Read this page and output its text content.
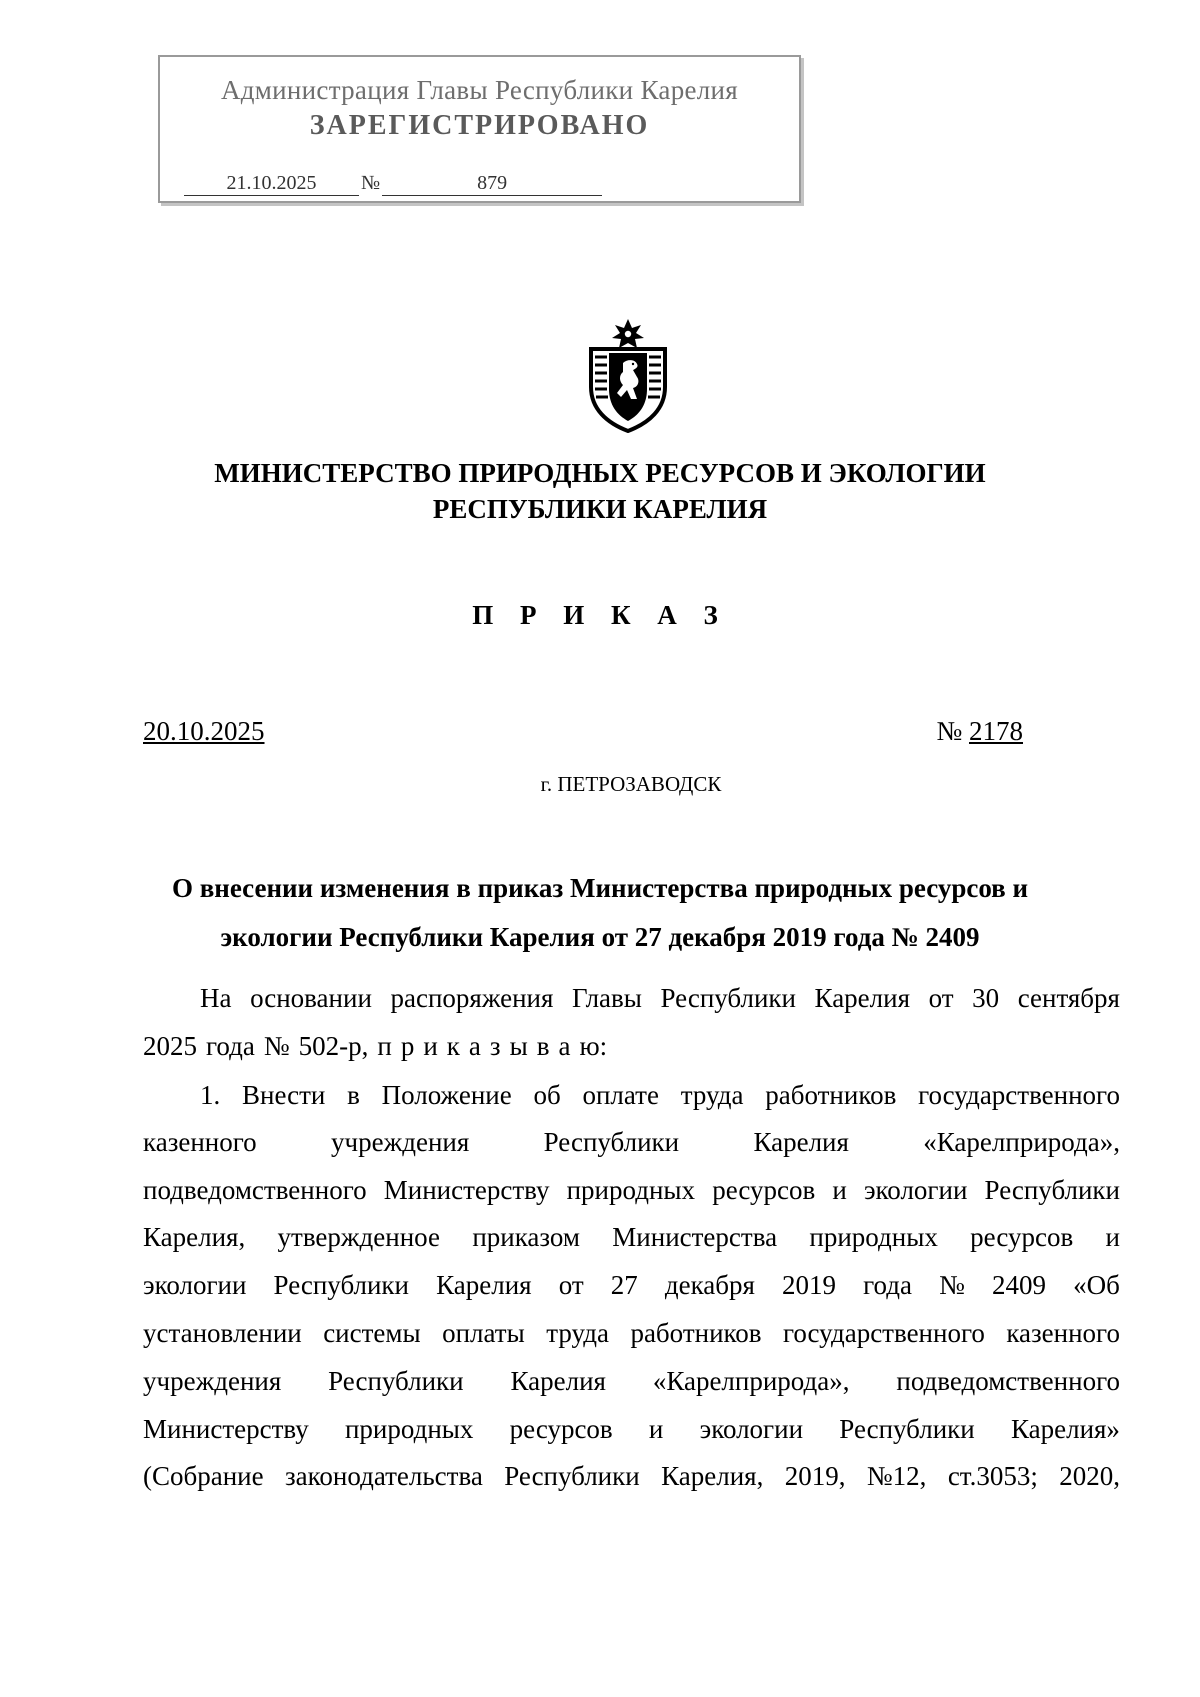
Администрация Главы Республики Карелия
ЗАРЕГИСТРИРОВАНО
21.10.2025 №	879
МИНИСТЕРСТВО ПРИРОДНЫХ РЕСУРСОВ И ЭКОЛОГИИ
РЕСПУБЛИКИ КАРЕЛИЯ
П Р И К А З
20.10.2025	№ 2178
г. ПЕТРОЗАВОДСК
О внесении изменения в приказ Министерства природных ресурсов и
экологии Республики Карелия от 27 декабря 2019 года № 2409
На основании распоряжения Главы Республики Карелия от 30 сентября
2025 года № 502-р, п р и к а з ы в а ю:
1. Внести в Положение об оплате труда работников государственного
казенного	учреждения	Республики	Карелия	«Карелприрода»,
подведомственного Министерству природных ресурсов и экологии Республики
Карелия, утвержденное приказом Министерства природных ресурсов и
экологии Республики Карелия от 27 декабря 2019 года № 2409 «Об
установлении системы оплаты труда работников государственного казенного
учреждения Республики Карелия «Карелприрода», подведомственного
Министерству природных ресурсов и экологии Республики Карелия»
(Собрание законодательства Республики Карелия, 2019, №12, ст.3053; 2020,
